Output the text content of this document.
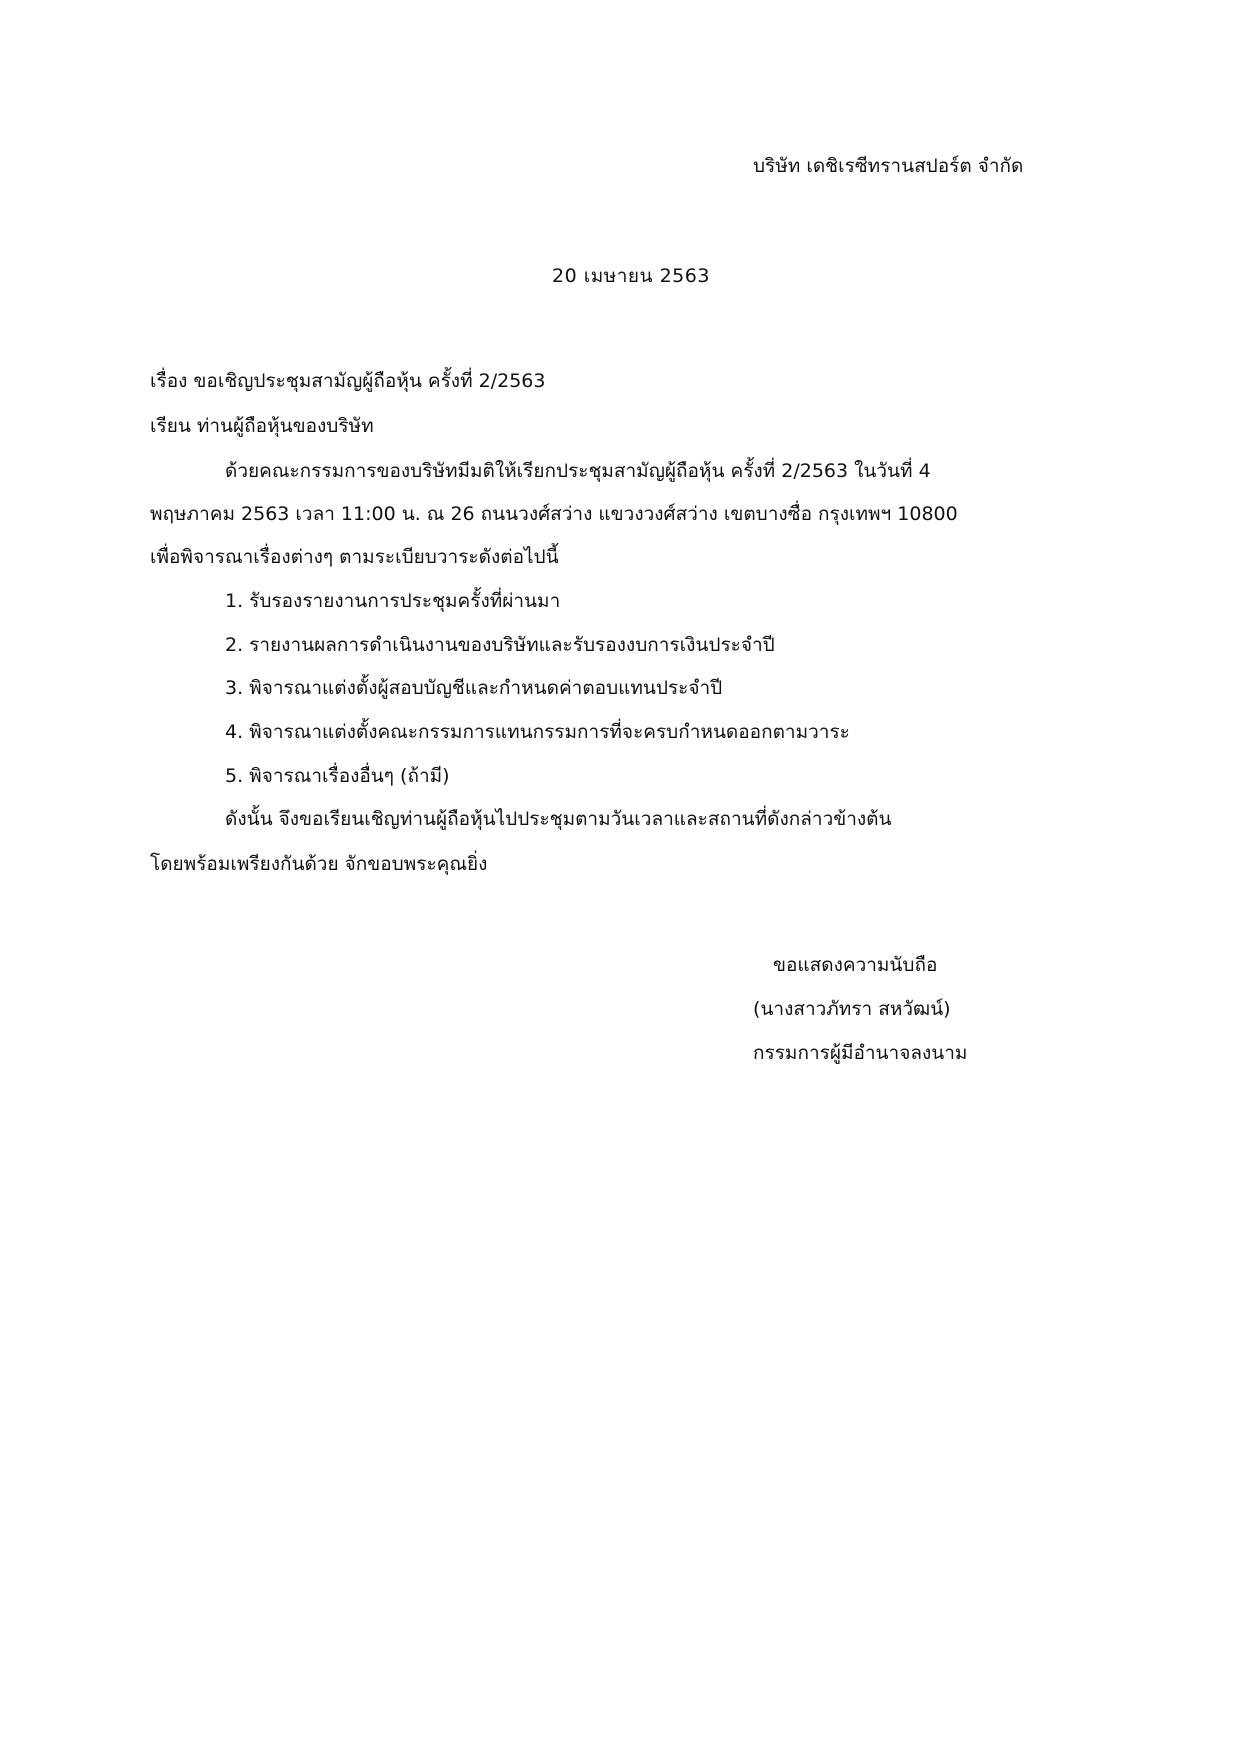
บริษัท เดชิเรซีทรานสปอร์ต จำกัด
20 เมษายน 2563
เรื่อง ขอเชิญประชุมสามัญผู้ถือหุ้น ครั้งที่ 2/2563
เรียน ท่านผู้ถือหุ้นของบริษัท
ด้วยคณะกรรมการของบริษัทมีมติให้เรียกประชุมสามัญผู้ถือหุ้น ครั้งที่ 2/2563 ในวันที่ 4
พฤษภาคม 2563 เวลา 11:00 น. ณ 26 ถนนวงศ์สว่าง แขวงวงศ์สว่าง เขตบางซื่อ กรุงเทพฯ 10800
เพื่อพิจารณาเรื่องต่างๆ ตามระเบียบวาระดังต่อไปนี้
1. รับรองรายงานการประชุมครั้งที่ผ่านมา
2. รายงานผลการดำเนินงานของบริษัทและรับรองงบการเงินประจำปี
3. พิจารณาแต่งตั้งผู้สอบบัญชีและกำหนดค่าตอบแทนประจำปี
4. พิจารณาแต่งตั้งคณะกรรมการแทนกรรมการที่จะครบกำหนดออกตามวาระ
5. พิจารณาเรื่องอื่นๆ (ถ้ามี)
ดังนั้น จึงขอเรียนเชิญท่านผู้ถือหุ้นไปประชุมตามวันเวลาและสถานที่ดังกล่าวข้างต้น
โดยพร้อมเพรียงกันด้วย จักขอบพระคุณยิ่ง
ขอแสดงความนับถือ
(นางสาวภัทรา สหวัฒน์)
กรรมการผู้มีอำนาจลงนาม
